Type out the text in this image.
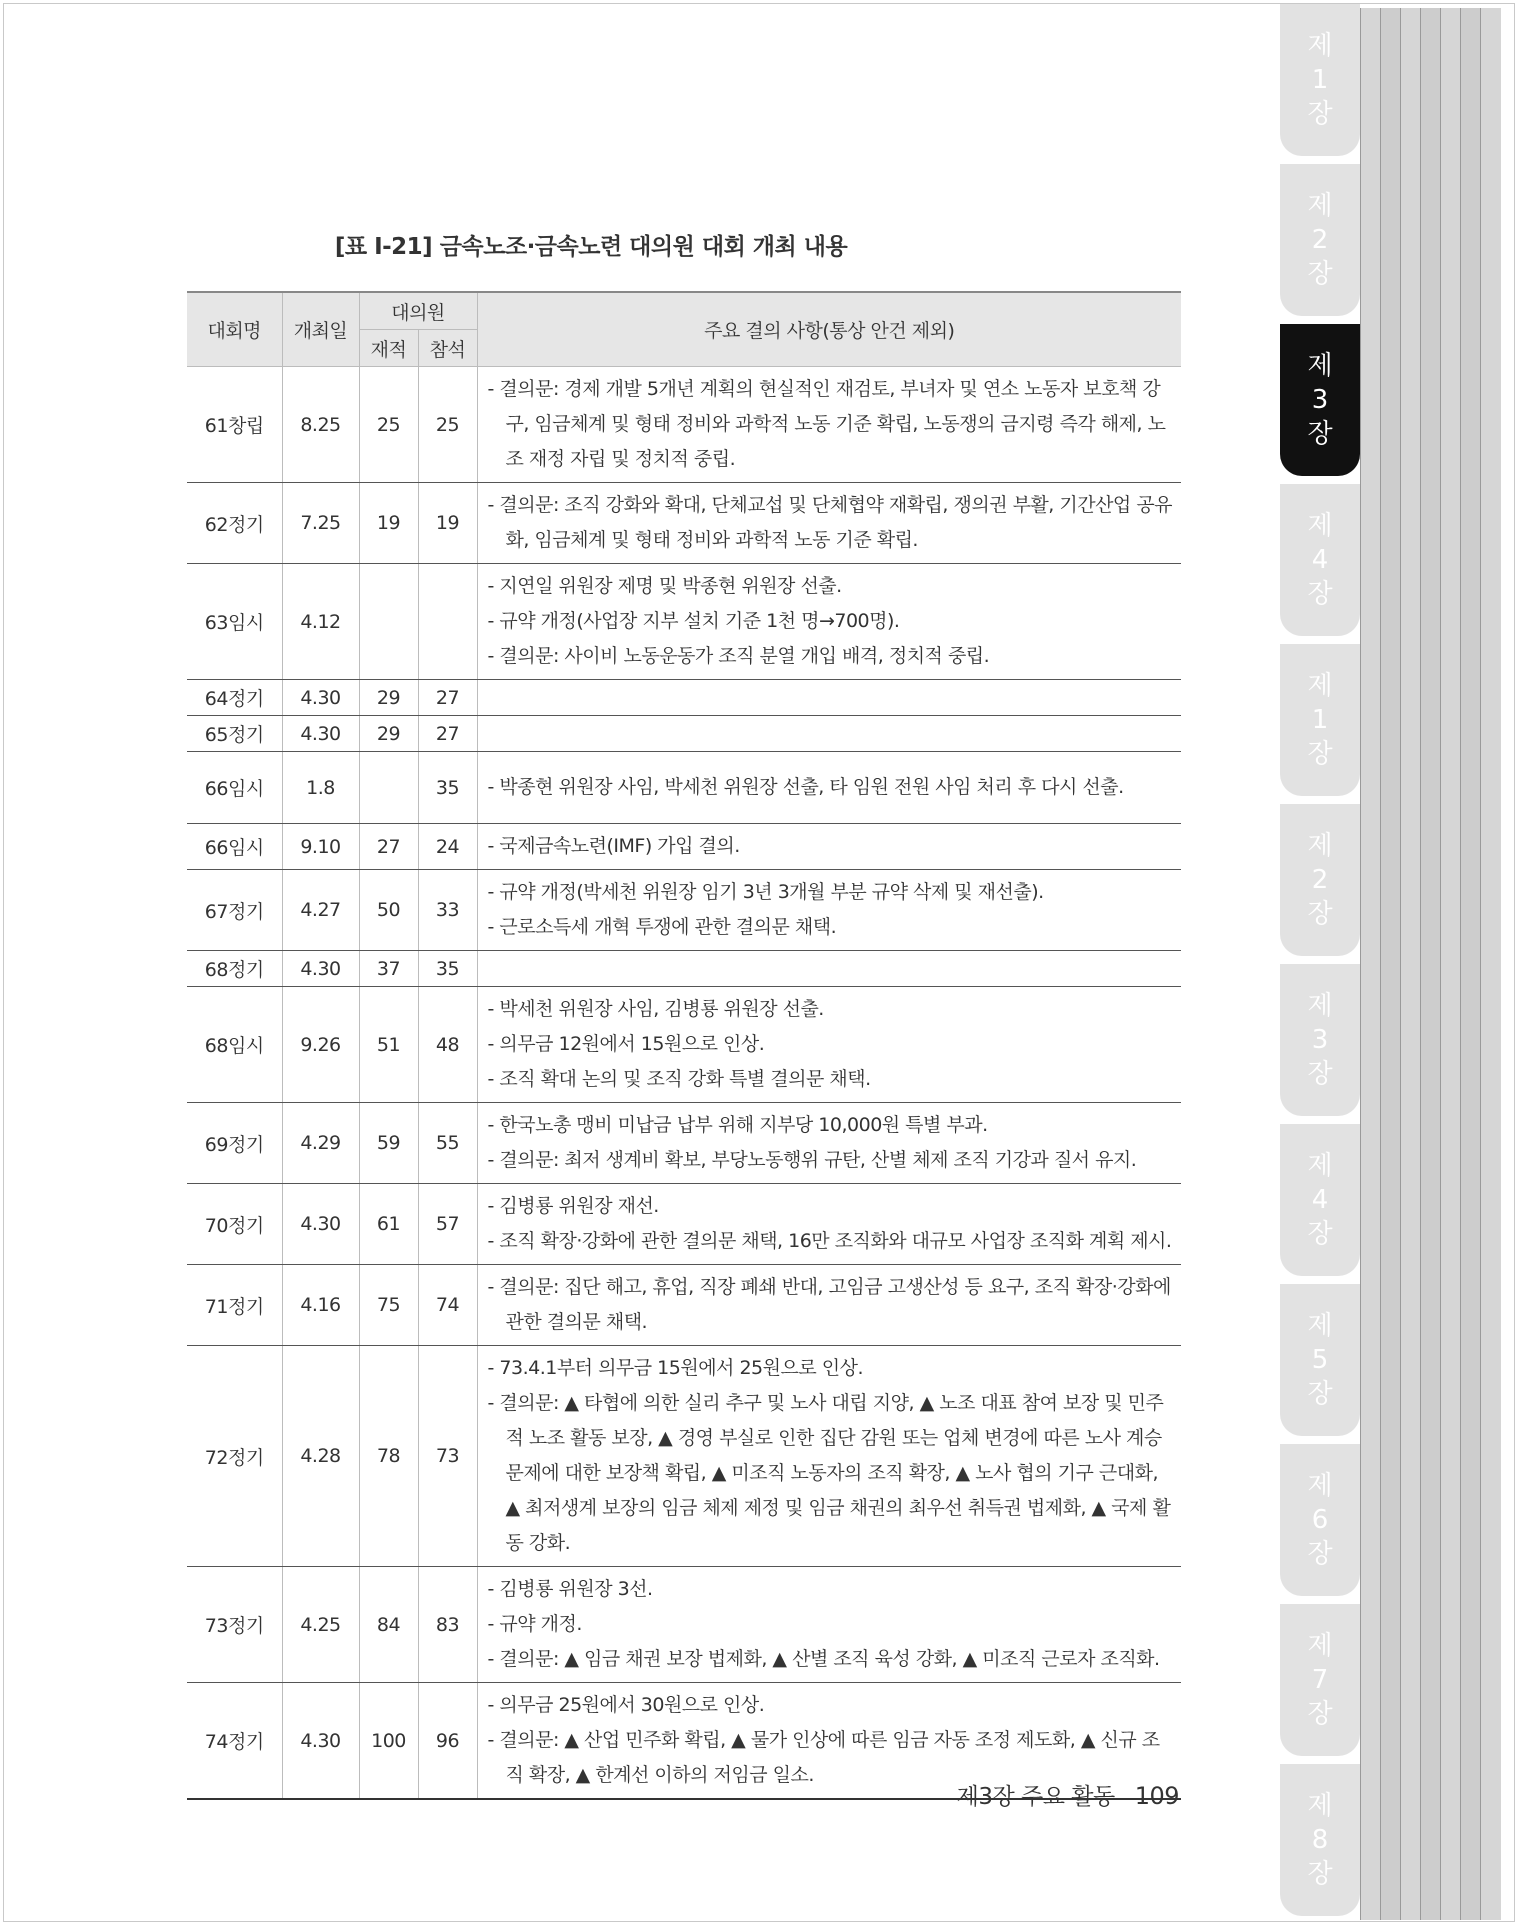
[표 Ⅰ-21] 금속노조·금속노련 대의원 대회 개최 내용
대회명	개최일	대의원		주요 결의 사항(통상 안건 제외)
		재적	참석	
61창립	8.25	25	25	- 결의문: 경제 개발 5개년 계획의 현실적인 재검토, 부녀자 및 연소 노동자 보호책 강구, 임금체계 및 형태 정비와 과학적 노동 기준 확립, 노동쟁의 금지령 즉각 해제, 노조 재정 자립 및 정치적 중립.

62정기	7.25	19	19	- 결의문: 조직 강화와 확대, 단체교섭 및 단체협약 재확립, 쟁의권 부활, 기간산업 공유화, 임금체계 및 형태 정비와 과학적 노동 기준 확립.

63임시	4.12			- 지연일 위원장 제명 및 박종현 위원장 선출.
- 규약 개정(사업장 지부 설치 기준 1천 명→700명).
- 결의문: 사이비 노동운동가 조직 분열 개입 배격, 정치적 중립.

64정기	4.30	29	27	
65정기	4.30	29	27	
66임시	1.8		35	- 박종현 위원장 사임, 박세천 위원장 선출, 타 임원 전원 사임 처리 후 다시 선출.

66임시	9.10	27	24	- 국제금속노련(IMF) 가입 결의.

67정기	4.27	50	33	- 규약 개정(박세천 위원장 임기 3년 3개월 부분 규약 삭제 및 재선출).
- 근로소득세 개혁 투쟁에 관한 결의문 채택.

68정기	4.30	37	35	
68임시	9.26	51	48	- 박세천 위원장 사임, 김병룡 위원장 선출.
- 의무금 12원에서 15원으로 인상.
- 조직 확대 논의 및 조직 강화 특별 결의문 채택.

69정기	4.29	59	55	- 한국노총 맹비 미납금 납부 위해 지부당 10,000원 특별 부과.
- 결의문: 최저 생계비 확보, 부당노동행위 규탄, 산별 체제 조직 기강과 질서 유지.

70정기	4.30	61	57	- 김병룡 위원장 재선.
- 조직 확장·강화에 관한 결의문 채택, 16만 조직화와 대규모 사업장 조직화 계획 제시.

71정기	4.16	75	74	- 결의문: 집단 해고, 휴업, 직장 폐쇄 반대, 고임금 고생산성 등 요구, 조직 확장·강화에 관한 결의문 채택.

72정기	4.28	78	73	- 73.4.1부터 의무금 15원에서 25원으로 인상.
- 결의문: ▲ 타협에 의한 실리 추구 및 노사 대립 지양, ▲ 노조 대표 참여 보장 및 민주적 노조 활동 보장, ▲ 경영 부실로 인한 집단 감원 또는 업체 변경에 따른 노사 계승 문제에 대한 보장책 확립, ▲ 미조직 노동자의 조직 확장, ▲ 노사 협의 기구 근대화, ▲ 최저생계 보장의 임금 체제 제정 및 임금 채권의 최우선 취득권 법제화, ▲ 국제 활동 강화.

73정기	4.25	84	83	- 김병룡 위원장 3선.
- 규약 개정.
- 결의문: ▲ 임금 채권 보장 법제화, ▲ 산별 조직 육성 강화, ▲ 미조직 근로자 조직화.

74정기	4.30	100	96	- 의무금 25원에서 30원으로 인상.
- 결의문: ▲ 산업 민주화 확립, ▲ 물가 인상에 따른 임금 자동 조정 제도화, ▲ 신규 조직 확장, ▲ 한계선 이하의 저임금 일소.
제3장 주요 활동 109
제
1
장
제
2
장
제
3
장
제
4
장
제
1
장
제
2
장
제
3
장
제
4
장
제
5
장
제
6
장
제
7
장
제
8
장
